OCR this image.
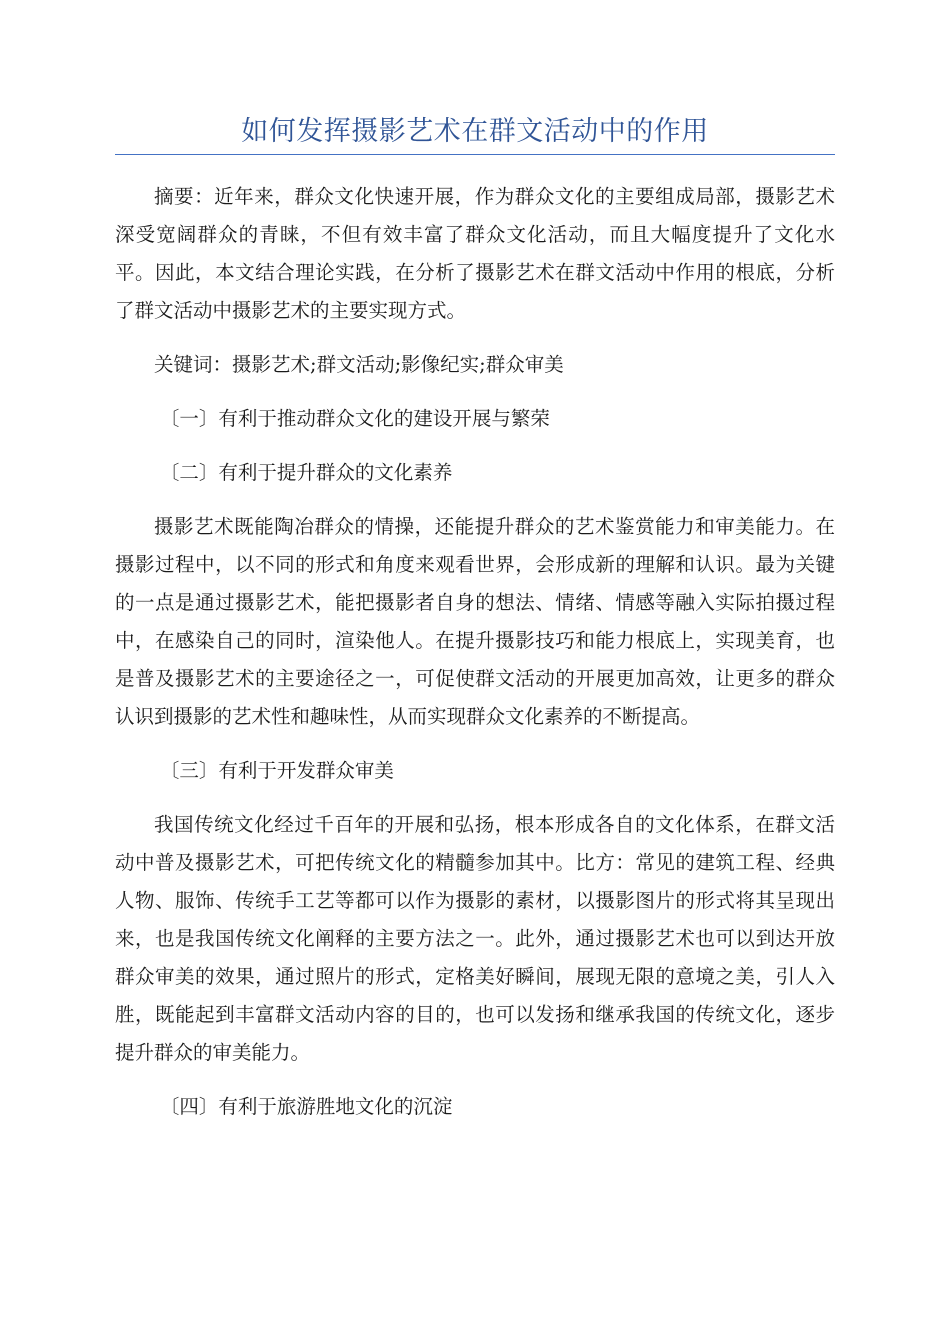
如何发挥摄影艺术在群文活动中的作用

摘要：近年来，群众文化快速开展，作为群众文化的主要组成局部，摄影艺术深受宽阔群众的青睐，不但有效丰富了群众文化活动，而且大幅度提升了文化水平。因此，本文结合理论实践，在分析了摄影艺术在群文活动中作用的根底，分析了群文活动中摄影艺术的主要实现方式。

关键词：摄影艺术;群文活动;影像纪实;群众审美

〔一〕有利于推动群众文化的建设开展与繁荣

〔二〕有利于提升群众的文化素养

摄影艺术既能陶冶群众的情操，还能提升群众的艺术鉴赏能力和审美能力。在摄影过程中，以不同的形式和角度来观看世界，会形成新的理解和认识。最为关键的一点是通过摄影艺术，能把摄影者自身的想法、情绪、情感等融入实际拍摄过程中，在感染自己的同时，渲染他人。在提升摄影技巧和能力根底上，实现美育，也是普及摄影艺术的主要途径之一，可促使群文活动的开展更加高效，让更多的群众认识到摄影的艺术性和趣味性，从而实现群众文化素养的不断提高。

〔三〕有利于开发群众审美

我国传统文化经过千百年的开展和弘扬，根本形成各自的文化体系，在群文活动中普及摄影艺术，可把传统文化的精髓参加其中。比方：常见的建筑工程、经典人物、服饰、传统手工艺等都可以作为摄影的素材，以摄影图片的形式将其呈现出来，也是我国传统文化阐释的主要方法之一。此外，通过摄影艺术也可以到达开放群众审美的效果，通过照片的形式，定格美好瞬间，展现无限的意境之美，引人入胜，既能起到丰富群文活动内容的目的，也可以发扬和继承我国的传统文化，逐步提升群众的审美能力。

〔四〕有利于旅游胜地文化的沉淀
